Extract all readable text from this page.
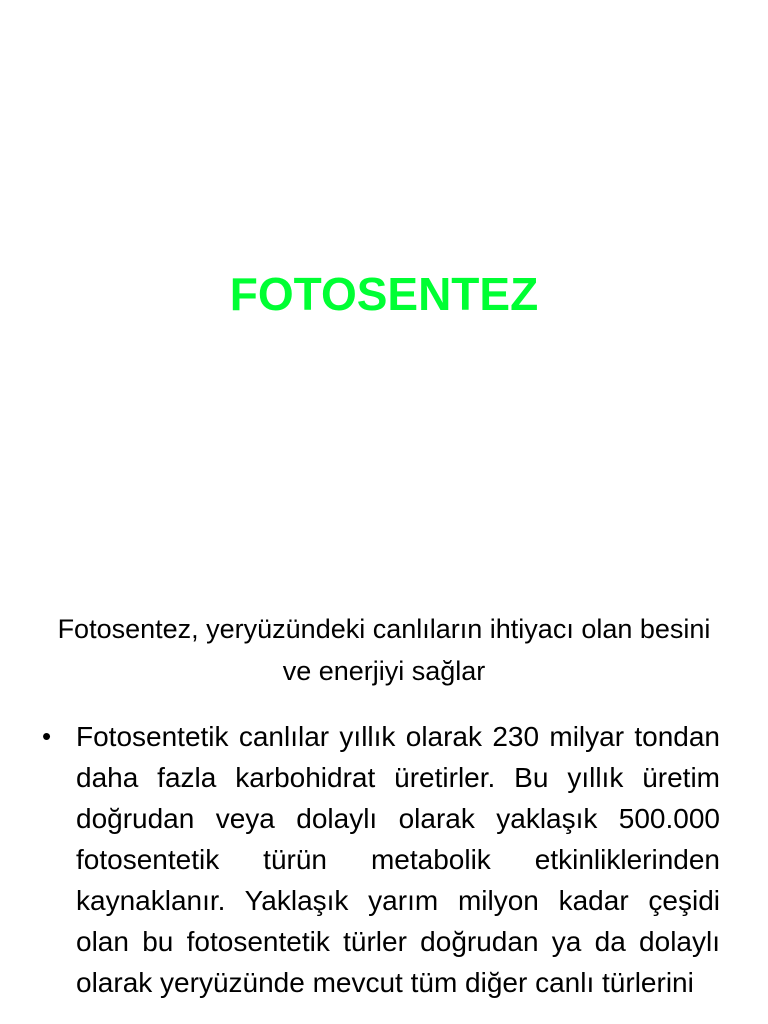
FOTOSENTEZ

Fotosentez, yeryüzündeki canlıların ihtiyacı olan besini ve enerjiyi sağlar

• Fotosentetik canlılar yıllık olarak 230 milyar tondan daha fazla karbohidrat üretirler. Bu yıllık üretim doğrudan veya dolaylı olarak yaklaşık 500.000 fotosentetik türün metabolik etkinliklerinden kaynaklanır. Yaklaşık yarım milyon kadar çeşidi olan bu fotosentetik türler doğrudan ya da dolaylı olarak yeryüzünde mevcut tüm diğer canlı türlerini
